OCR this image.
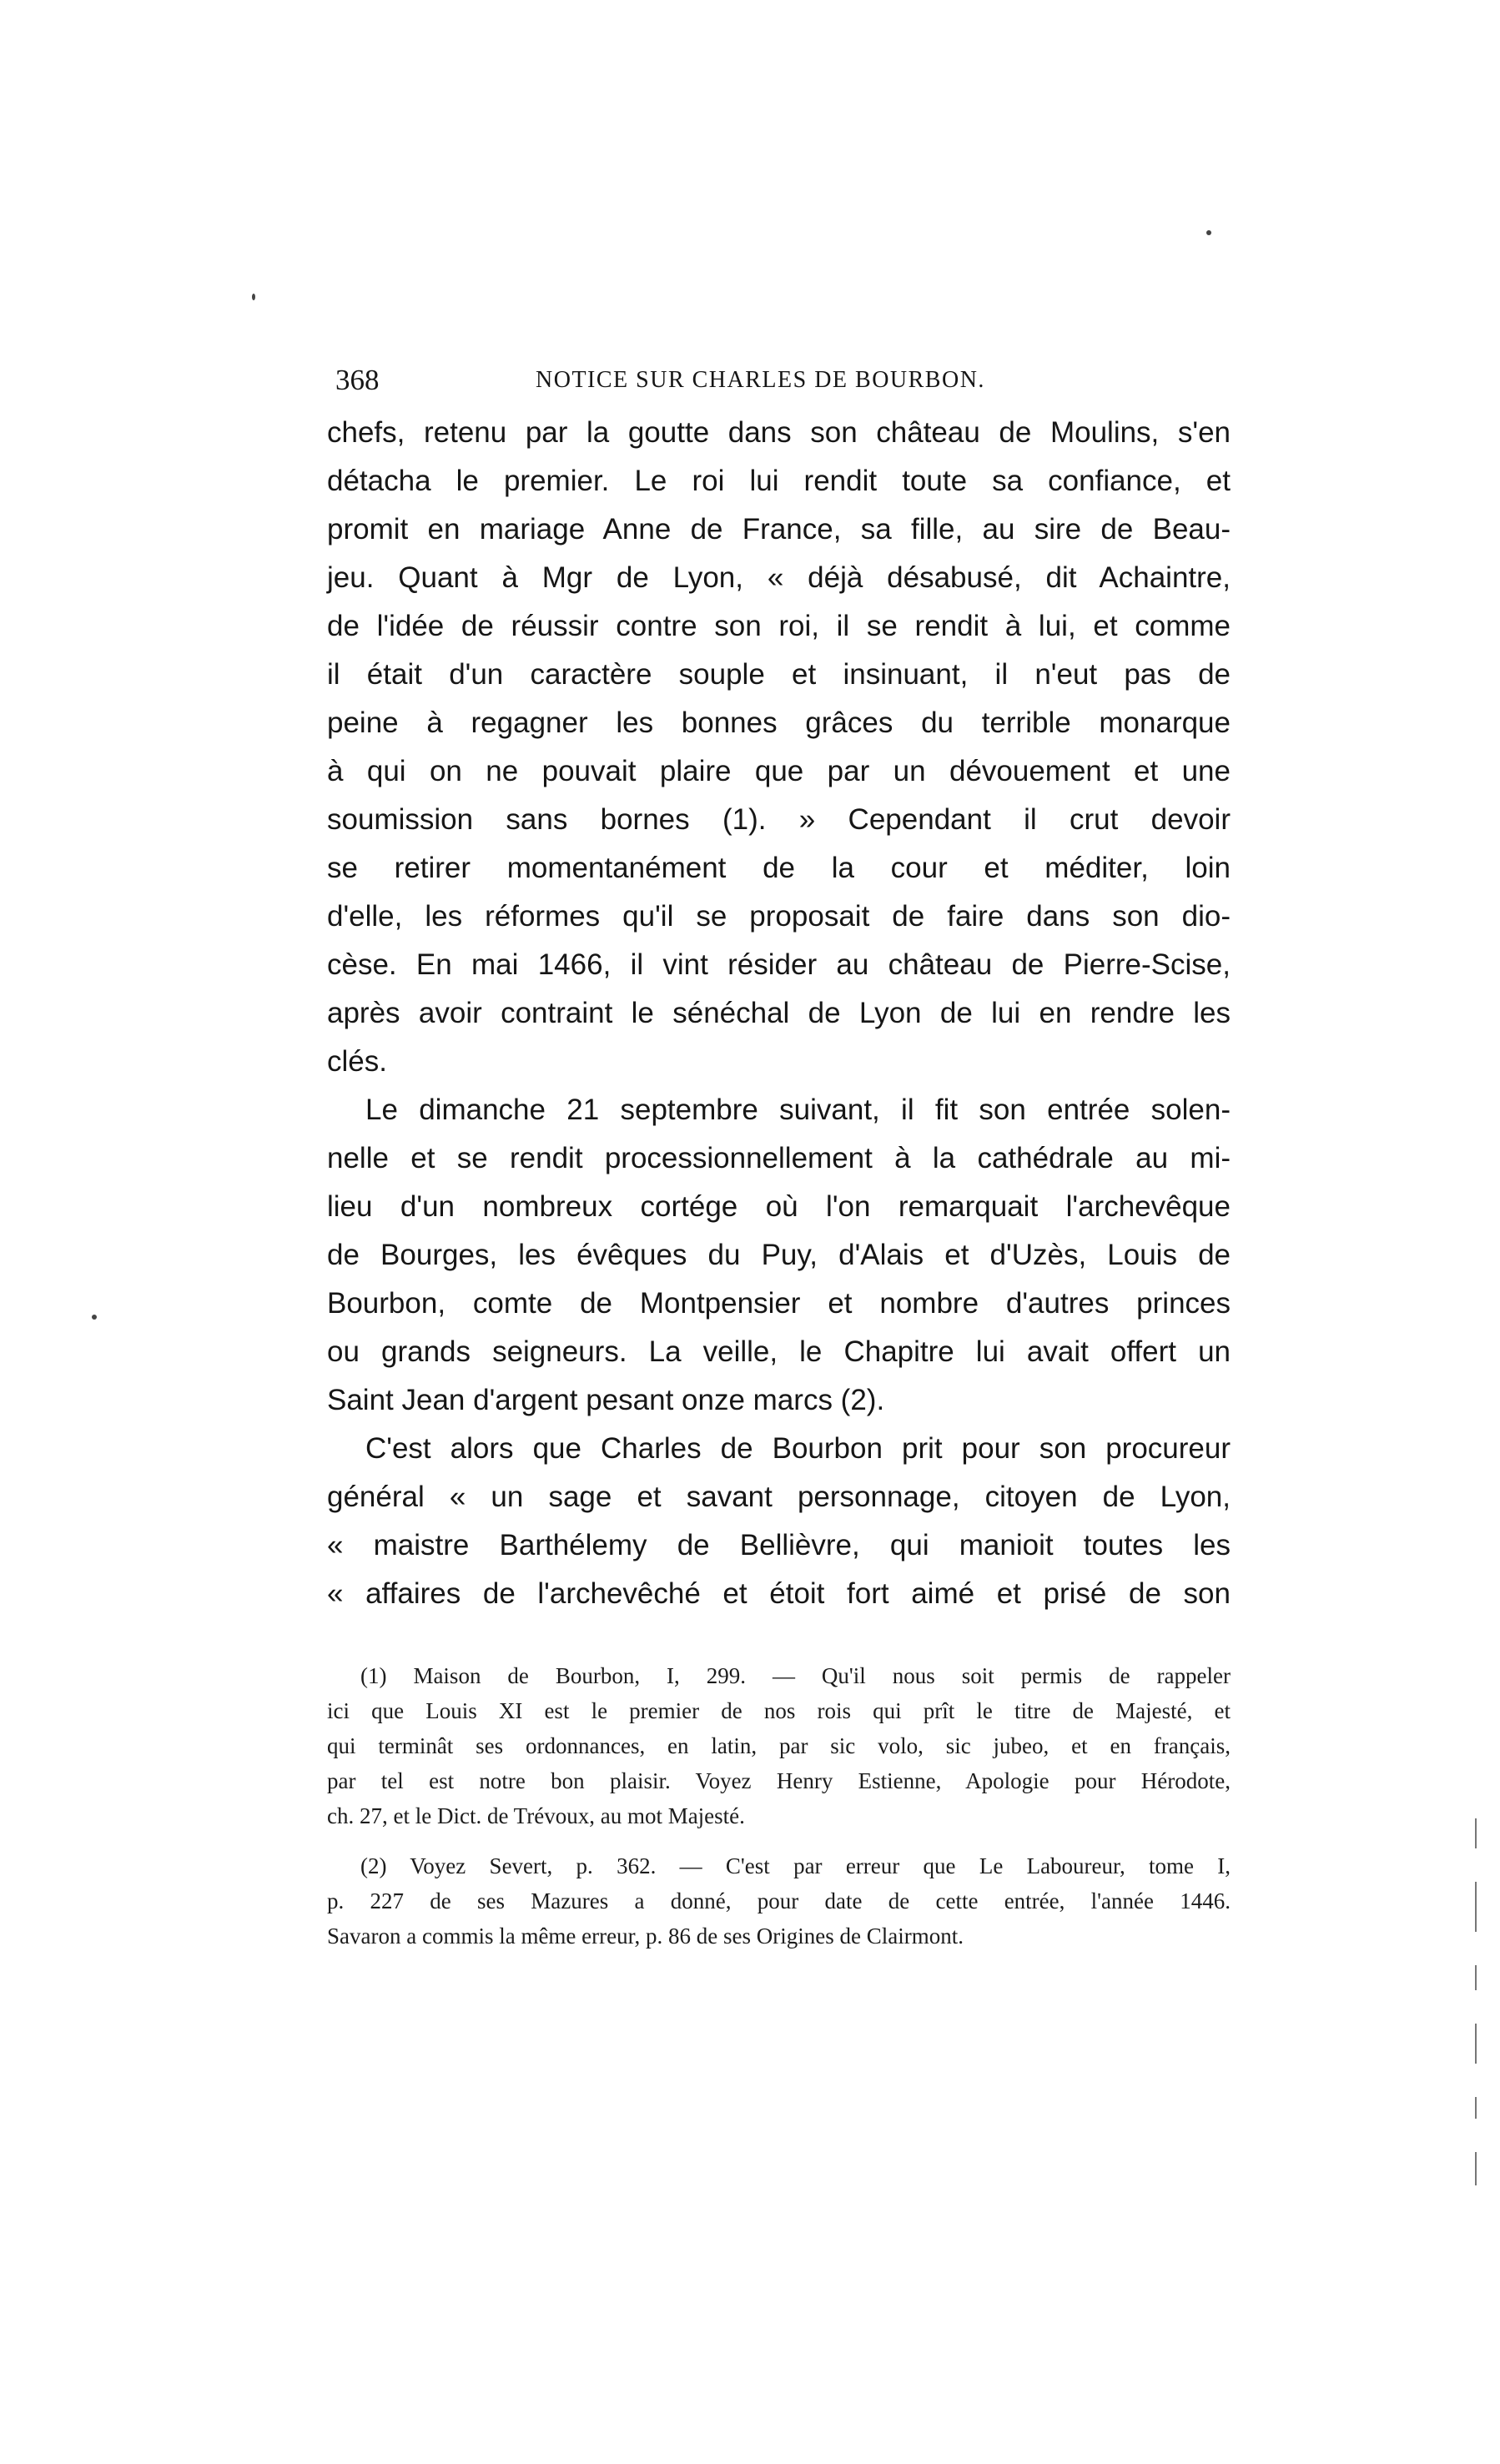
368	NOTICE SUR CHARLES DE BOURBON.
chefs, retenu par la goutte dans son château de Moulins, s'en
détacha le premier. Le roi lui rendit toute sa confiance, et
promit en mariage Anne de France, sa fille, au sire de Beau-
jeu. Quant à Mgr de Lyon, « déjà désabusé, dit Achaintre,
de l'idée de réussir contre son roi, il se rendit à lui, et comme
il était d'un caractère souple et insinuant, il n'eut pas de
peine à regagner les bonnes grâces du terrible monarque
à qui on ne pouvait plaire que par un dévouement et une
soumission sans bornes (1). » Cependant il crut devoir
se retirer momentanément de la cour et méditer, loin
d'elle, les réformes qu'il se proposait de faire dans son dio-
cèse. En mai 1466, il vint résider au château de Pierre-Scise,
après avoir contraint le sénéchal de Lyon de lui en rendre les
clés.
Le dimanche 21 septembre suivant, il fit son entrée solen-
nelle et se rendit processionnellement à la cathédrale au mi-
lieu d'un nombreux cortége où l'on remarquait l'archevêque
de Bourges, les évêques du Puy, d'Alais et d'Uzès, Louis de
Bourbon, comte de Montpensier et nombre d'autres princes
ou grands seigneurs. La veille, le Chapitre lui avait offert un
Saint Jean d'argent pesant onze marcs (2).
C'est alors que Charles de Bourbon prit pour son procureur
général « un sage et savant personnage, citoyen de Lyon,
« maistre Barthélemy de Bellièvre, qui manioit toutes les
« affaires de l'archevêché et étoit fort aimé et prisé de son
(1) Maison de Bourbon, I, 299. — Qu'il nous soit permis de rappeler
ici que Louis XI est le premier de nos rois qui prît le titre de Majesté, et
qui terminât ses ordonnances, en latin, par sic volo, sic jubeo, et en français,
par tel est notre bon plaisir. Voyez Henry Estienne, Apologie pour Hérodote,
ch. 27, et le Dict. de Trévoux, au mot Majesté.
(2) Voyez Severt, p. 362. — C'est par erreur que Le Laboureur, tome I,
p. 227 de ses Mazures a donné, pour date de cette entrée, l'année 1446.
Savaron a commis la même erreur, p. 86 de ses Origines de Clairmont.
